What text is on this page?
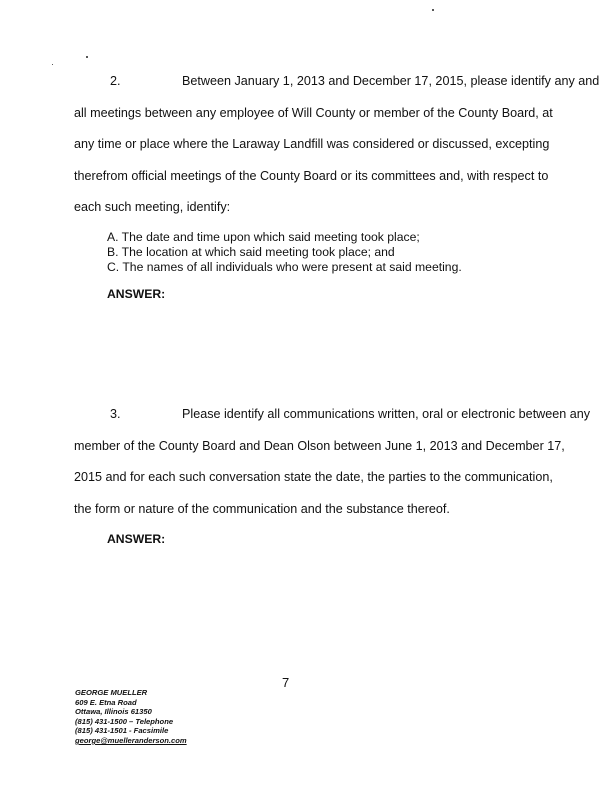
2.	Between January 1, 2013 and December 17, 2015, please identify any and
all meetings between any employee of Will County or member of the County Board, at
any time or place where the Laraway Landfill was considered or discussed, excepting
therefrom official meetings of the County Board or its committees and, with respect to
each such meeting, identify:
A. The date and time upon which said meeting took place;
B. The location at which said meeting took place; and
C. The names of all individuals who were present at said meeting.
ANSWER:
3.	Please identify all communications written, oral or electronic between any
member of the County Board and Dean Olson between June 1, 2013 and December 17,
2015 and for each such conversation state the date, the parties to the communication,
the form or nature of the communication and the substance thereof.
ANSWER:
7
GEORGE MUELLER
609 E. Etna Road
Ottawa, Illinois 61350
(815) 431-1500 – Telephone
(815) 431-1501 - Facsimile
george@muelleranderson.com
